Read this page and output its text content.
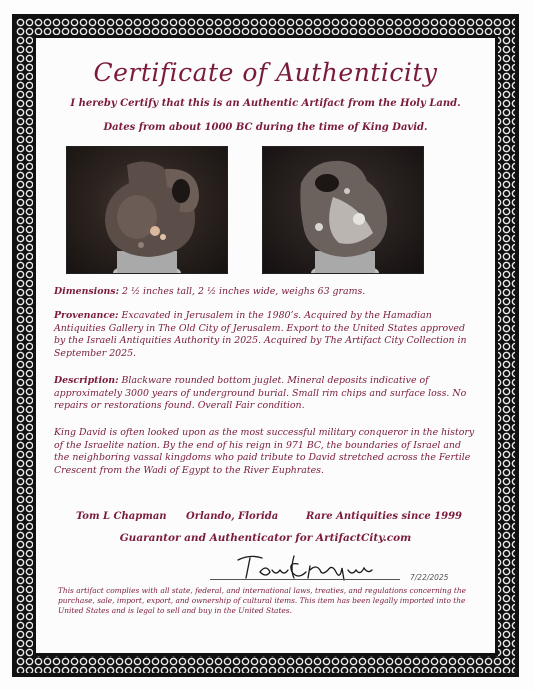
Certificate of Authenticity
I hereby Certify that this is an Authentic Artifact from the Holy Land.
Dates from about 1000 BC during the time of King David.
Dimensions: 2 ½ inches tall, 2 ½ inches wide, weighs 63 grams.
Provenance: Excavated in Jerusalem in the 1980’s. Acquired by the Hamadian Antiquities Gallery in The Old City of Jerusalem. Export to the United States approved by the Israeli Antiquities Authority in 2025. Acquired by The Artifact City Collection in September 2025.
Description: Blackware rounded bottom juglet. Mineral deposits indicative of approximately 3000 years of underground burial. Small rim chips and surface loss. No repairs or restorations found. Overall Fair condition.
King David is often looked upon as the most successful military conqueror in the history of the Israelite nation. By the end of his reign in 971 BC, the boundaries of Israel and the neighboring vassal kingdoms who paid tribute to David stretched across the Fertile Crescent from the Wadi of Egypt to the River Euphrates.
Tom L Chapman Orlando, Florida	Rare Antiquities since 1999
Guarantor and Authenticator for ArtifactCity.com
7/22/2025
This artifact complies with all state, federal, and international laws, treaties, and regulations concerning the purchase, sale, import, export, and ownership of cultural items. This item has been legally imported into the United States and is legal to sell and buy in the United States.
